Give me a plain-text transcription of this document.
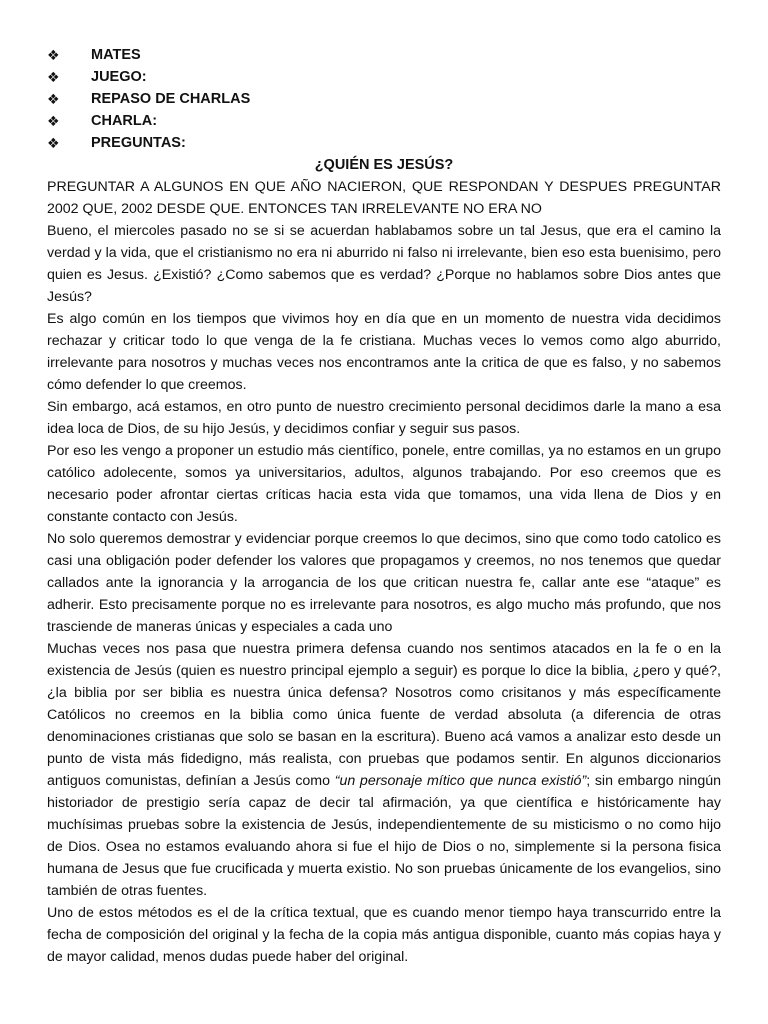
❖	MATES
❖	JUEGO:
❖	REPASO DE CHARLAS
❖	CHARLA:
❖	PREGUNTAS:
¿QUIÉN ES JESÚS?

PREGUNTAR A ALGUNOS EN QUE AÑO NACIERON, QUE RESPONDAN Y DESPUES PREGUNTAR 2002 QUE, 2002 DESDE QUE. ENTONCES TAN IRRELEVANTE NO ERA NO

Bueno, el miercoles pasado no se si se acuerdan hablabamos sobre un tal Jesus, que era el camino la verdad y la vida, que el cristianismo no era ni aburrido ni falso ni irrelevante, bien eso esta buenisimo, pero quien es Jesus. ¿Existió? ¿Como sabemos que es verdad? ¿Porque no hablamos sobre Dios antes que Jesús?

Es algo común en los tiempos que vivimos hoy en día que en un momento de nuestra vida decidimos rechazar y criticar todo lo que venga de la fe cristiana. Muchas veces lo vemos como algo aburrido, irrelevante para nosotros y muchas veces nos encontramos ante la critica de que es falso, y no sabemos cómo defender lo que creemos.

Sin embargo, acá estamos, en otro punto de nuestro crecimiento personal decidimos darle la mano a esa idea loca de Dios, de su hijo Jesús, y decidimos confiar y seguir sus pasos.

Por eso les vengo a proponer un estudio más científico, ponele, entre comillas, ya no estamos en un grupo católico adolecente, somos ya universitarios, adultos, algunos trabajando. Por eso creemos que es necesario poder afrontar ciertas críticas hacia esta vida que tomamos, una vida llena de Dios y en constante contacto con Jesús.

No solo queremos demostrar y evidenciar porque creemos lo que decimos, sino que como todo catolico es casi una obligación poder defender los valores que propagamos y creemos, no nos tenemos que quedar callados ante la ignorancia y la arrogancia de los que critican nuestra fe, callar ante ese “ataque” es adherir. Esto precisamente porque no es irrelevante para nosotros, es algo mucho más profundo, que nos trasciende de maneras únicas y especiales a cada uno

Muchas veces nos pasa que nuestra primera defensa cuando nos sentimos atacados en la fe o en la existencia de Jesús (quien es nuestro principal ejemplo a seguir) es porque lo dice la biblia, ¿pero y qué?, ¿la biblia por ser biblia es nuestra única defensa? Nosotros como crisitanos y más específicamente Católicos no creemos en la biblia como única fuente de verdad absoluta (a diferencia de otras denominaciones cristianas que solo se basan en la escritura). Bueno acá vamos a analizar esto desde un punto de vista más fidedigno, más realista, con pruebas que podamos sentir. En algunos diccionarios antiguos comunistas, definían a Jesús como “un personaje mítico que nunca existió”; sin embargo ningún historiador de prestigio sería capaz de decir tal afirmación, ya que científica e históricamente hay muchísimas pruebas sobre la existencia de Jesús, independientemente de su misticismo o no como hijo de Dios. Osea no estamos evaluando ahora si fue el hijo de Dios o no, simplemente si la persona fisica humana de Jesus que fue crucificada y muerta existio. No son pruebas únicamente de los evangelios, sino también de otras fuentes.

Uno de estos métodos es el de la crítica textual, que es cuando menor tiempo haya transcurrido entre la fecha de composición del original y la fecha de la copia más antigua disponible, cuanto más copias haya y de mayor calidad, menos dudas puede haber del original.
